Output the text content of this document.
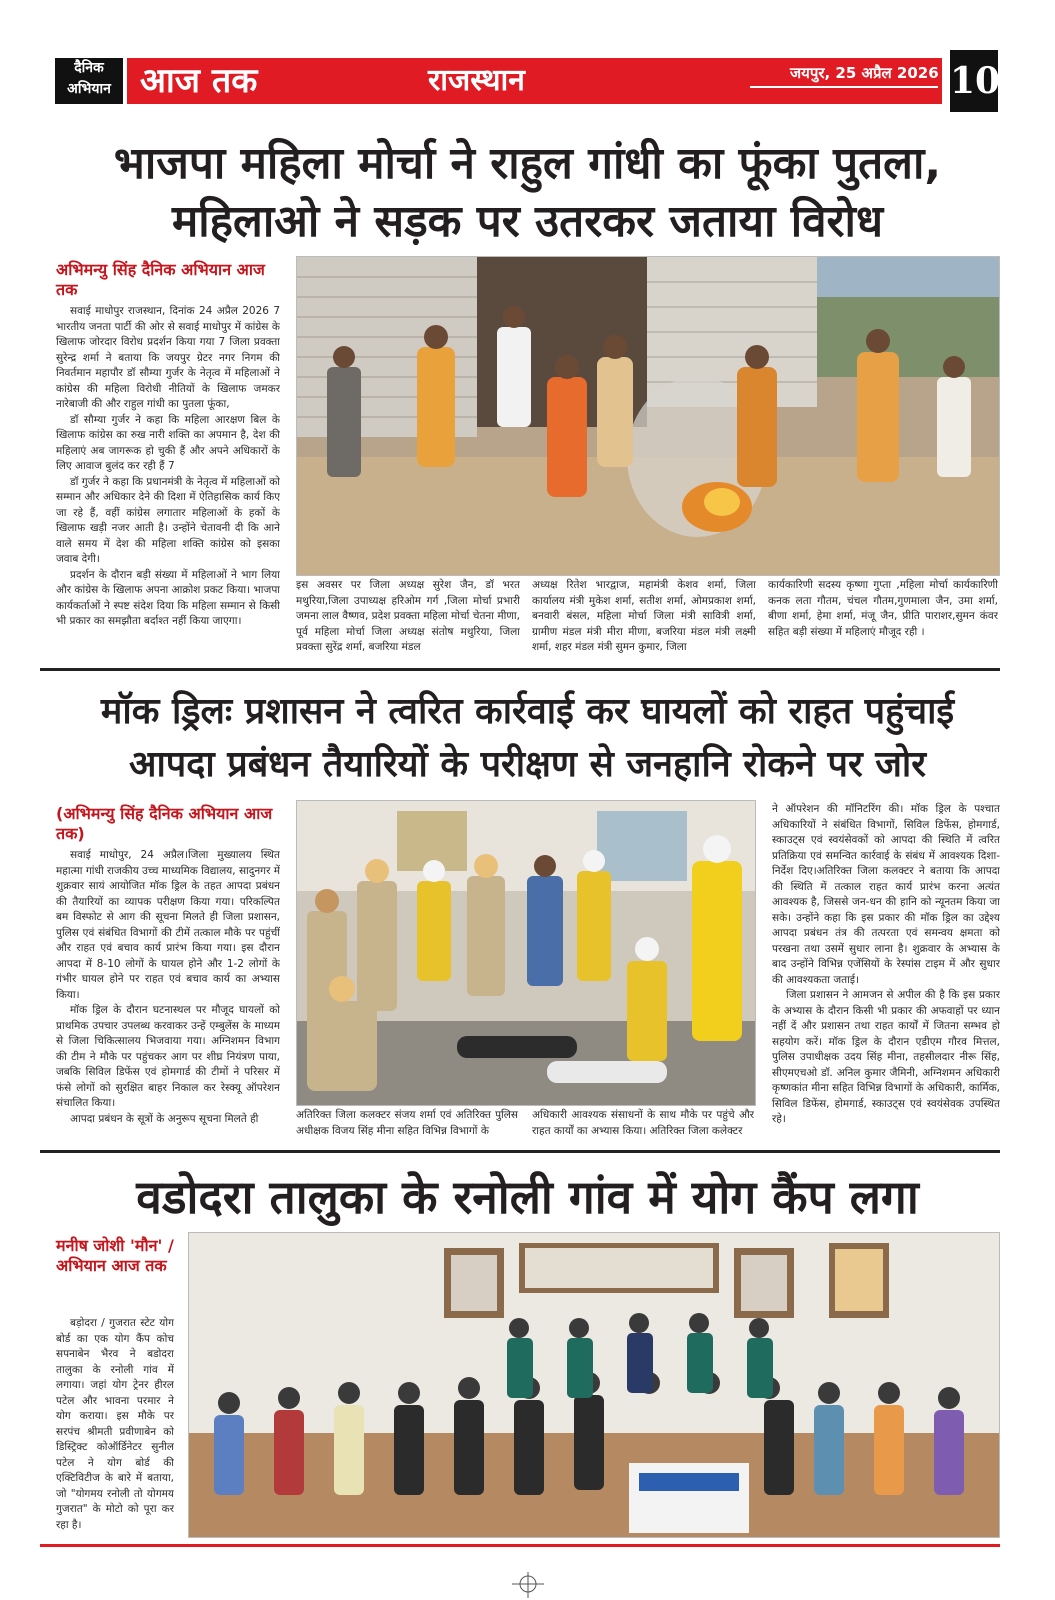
दैनिक अभियान आज तक	राजस्थान	जयपुर, 25 अप्रैल 2026 10
भाजपा महिला मोर्चा ने राहुल गांधी का फूंका पुतला,
महिलाओ ने सड़क पर उतरकर जताया विरोध
अभिमन्यु सिंह दैनिक अभियान आज तक

सवाई माधोपुर राजस्थान, दिनांक 24 अप्रैल 2026 7 भारतीय जनता पार्टी की ओर से सवाई माधोपुर में कांग्रेस के खिलाफ जोरदार विरोध प्रदर्शन किया गया 7 जिला प्रवक्ता सुरेन्द्र शर्मा ने बताया कि जयपुर ग्रेटर नगर निगम की निवर्तमान महापौर डॉ सौम्या गुर्जर के नेतृत्व में महिलाओं ने कांग्रेस की महिला विरोधी नीतियों के खिलाफ जमकर नारेबाजी की और राहुल गांधी का पुतला फूंका,

डॉ सौम्या गुर्जर ने कहा कि महिला आरक्षण बिल के खिलाफ कांग्रेस का रुख नारी शक्ति का अपमान है, देश की महिलाएं अब जागरूक हो चुकी हैं और अपने अधिकारों के लिए आवाज बुलंद कर रही हैं 7

डॉ गुर्जर ने कहा कि प्रधानमंत्री के नेतृत्व में महिलाओं को सम्मान और अधिकार देने की दिशा में ऐतिहासिक कार्य किए जा रहे हैं, वहीं कांग्रेस लगातार महिलाओं के हकों के खिलाफ खड़ी नजर आती है। उन्होंने चेतावनी दी कि आने वाले समय में देश की महिला शक्ति कांग्रेस को इसका जवाब देगी।

प्रदर्शन के दौरान बड़ी संख्या में महिलाओं ने भाग लिया और कांग्रेस के खिलाफ अपना आक्रोश प्रकट किया। भाजपा कार्यकर्ताओं ने स्पष्ट संदेश दिया कि महिला सम्मान से किसी भी प्रकार का समझौता बर्दाश्त नहीं किया जाएगा।

इस अवसर पर जिला अध्यक्ष सुरेश जैन, डॉ भरत मथुरिया,जिला उपाध्यक्ष हरिओम गर्ग ,जिला मोर्चा प्रभारी जमना लाल वैष्णव, प्रदेश प्रवक्ता महिला मोर्चा चेतना मीणा, पूर्व महिला मोर्चा जिला अध्यक्ष संतोष मथुरिया, जिला प्रवक्ता सुरेंद्र शर्मा, बजरिया मंडल
अध्यक्ष रितेश भारद्वाज, महामंत्री केशव शर्मा, जिला कार्यालय मंत्री मुकेश शर्मा, सतीश शर्मा, ओमप्रकाश शर्मा, बनवारी बंसल, महिला मोर्चा जिला मंत्री सावित्री शर्मा, ग्रामीण मंडल मंत्री मीरा मीणा, बजरिया मंडल मंत्री लक्ष्मी शर्मा, शहर मंडल मंत्री सुमन कुमार, जिला
कार्यकारिणी सदस्य कृष्णा गुप्ता ,महिला मोर्चा कार्यकारिणी कनक लता गौतम, चंचल गौतम,गुणमाला जैन, उमा शर्मा, बीणा शर्मा, हेमा शर्मा, मंजू जैन, प्रीति पाराशर,सुमन कंवर सहित बड़ी संख्या में महिलाएं मौजूद रही ।
मॉक ड्रिलः प्रशासन ने त्वरित कार्रवाई कर घायलों को राहत पहुंचाई
आपदा प्रबंधन तैयारियों के परीक्षण से जनहानि रोकने पर जोर
(अभिमन्यु सिंह दैनिक अभियान आज तक)

सवाई माधोपुर, 24 अप्रैल।जिला मुख्यालय स्थित महात्मा गांधी राजकीय उच्च माध्यमिक विद्यालय, सादुनगर में शुक्रवार सायं आयोजित मॉक ड्रिल के तहत आपदा प्रबंधन की तैयारियों का व्यापक परीक्षण किया गया। परिकल्पित बम विस्फोट से आग की सूचना मिलते ही जिला प्रशासन, पुलिस एवं संबंधित विभागों की टीमें तत्काल मौके पर पहुंचीं और राहत एवं बचाव कार्य प्रारंभ किया गया। इस दौरान आपदा में 8-10 लोगों के घायल होने और 1-2 लोगों के गंभीर घायल होने पर राहत एवं बचाव कार्य का अभ्यास किया।

मॉक ड्रिल के दौरान घटनास्थल पर मौजूद घायलों को प्राथमिक उपचार उपलब्ध करवाकर उन्हें एम्बुलेंस के माध्यम से जिला चिकित्सालय भिजवाया गया। अग्निशमन विभाग की टीम ने मौके पर पहुंचकर आग पर शीघ्र नियंत्रण पाया, जबकि सिविल डिफेंस एवं होमगार्ड की टीमों ने परिसर में फंसे लोगों को सुरक्षित बाहर निकाल कर रेस्क्यू ऑपरेशन संचालित किया।

आपदा प्रबंधन के सूत्रों के अनुरूप सूचना मिलते ही	अतिरिक्त जिला कलक्टर संजय शर्मा एवं अतिरिक्त पुलिस अधीक्षक विजय सिंह मीना सहित विभिन्न विभागों के
अधिकारी आवश्यक संसाधनों के साथ मौके पर पहुंचे और राहत कार्यों का अभ्यास किया। अतिरिक्त जिला कलेक्टर

ने ऑपरेशन की मॉनिटरिंग की। मॉक ड्रिल के पश्चात अधिकारियों ने संबंधित विभागों, सिविल डिफेंस, होमगार्ड, स्काउट्स एवं स्वयंसेवकों को आपदा की स्थिति में त्वरित प्रतिक्रिया एवं समन्वित कार्रवाई के संबंध में आवश्यक दिशा-निर्देश दिए।अतिरिक्त जिला कलक्टर ने बताया कि आपदा की स्थिति में तत्काल राहत कार्य प्रारंभ करना अत्यंत आवश्यक है, जिससे जन-धन की हानि को न्यूनतम किया जा सके। उन्होंने कहा कि इस प्रकार की मॉक ड्रिल का उद्देश्य आपदा प्रबंधन तंत्र की तत्परता एवं समन्वय क्षमता को परखना तथा उसमें सुधार लाना है। शुक्रवार के अभ्यास के बाद उन्होंने विभिन्न एजेंसियों के रेस्पांस टाइम में और सुधार की आवश्यकता जताई।

जिला प्रशासन ने आमजन से अपील की है कि इस प्रकार के अभ्यास के दौरान किसी भी प्रकार की अफवाहों पर ध्यान नहीं दें और प्रशासन तथा राहत कार्यों में जितना सम्भव हो सहयोग करें। मॉक ड्रिल के दौरान एडीएम गौरव मित्तल, पुलिस उपाधीक्षक उदय सिंह मीना, तहसीलदार नीरू सिंह, सीएमएचओ डॉ. अनिल कुमार जैमिनी, अग्निशमन अधिकारी कृष्णकांत मीना सहित विभिन्न विभागों के अधिकारी, कार्मिक, सिविल डिफेंस, होमगार्ड, स्काउट्स एवं स्वयंसेवक उपस्थित रहे।

वडोदरा तालुका के रनोली गांव में योग कैंप लगा
मनीष जोशी 'मौन' / अभियान आज तक

बड़ोदरा / गुजरात स्टेट योग बोर्ड का एक योग कैंप कोच सपनाबेन भैरव ने बडोदरा तालुका के रनोली गांव में लगाया। जहां योग ट्रेनर हीरल पटेल और भावना परमार ने योग कराया। इस मौके पर सरपंच श्रीमती प्रवीणाबेन को डिस्ट्रिक्ट कोऑर्डिनेटर सुनील पटेल ने योग बोर्ड की एक्टिविटीज के बारे में बताया, जो "योगमय रनोली तो योगमय गुजरात" के मोटो को पूरा कर रहा है।
